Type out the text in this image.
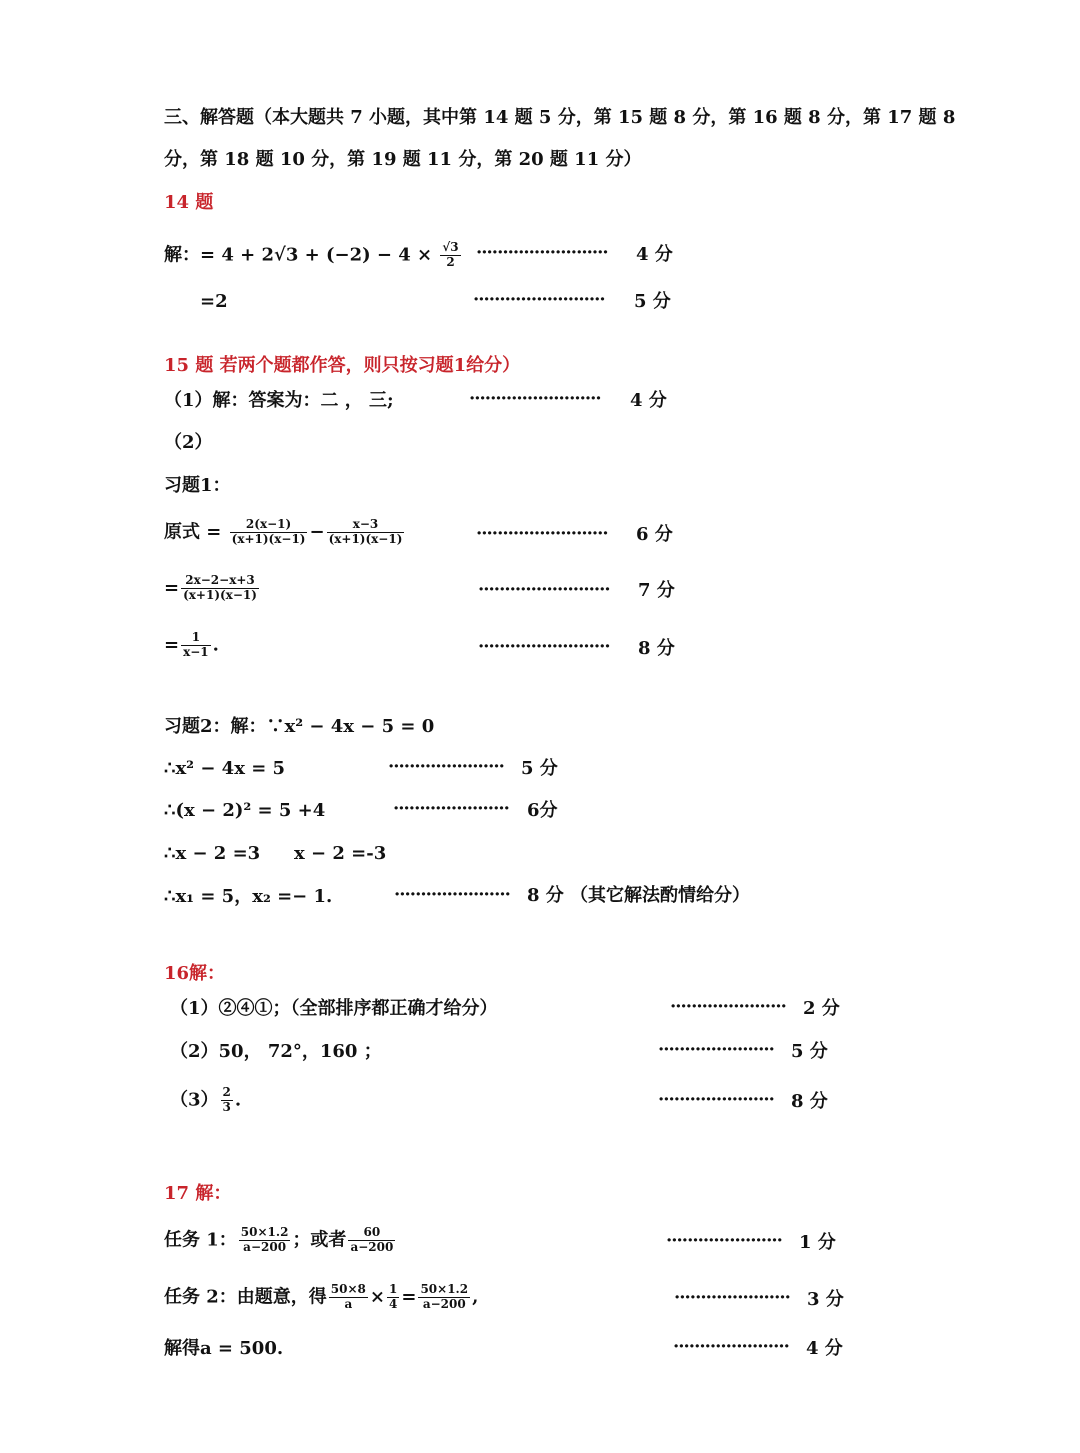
三、解答题（本大题共 7 小题，其中第 14 题 5 分，第 15 题 8 分，第 16 题 8 分，第 17 题 8
分，第 18 题 10 分，第 19 题 11 分，第 20 题 11 分）
14 题
解：= $4 + 2√3 + (-2) - 4 \times \frac{√3}{2}$ ························· 4 分
=2	························· 5 分
15 题 若两个题都作答，则只按习题1给分）
（1）解：答案为：二 ， 三;	························· 4 分
（2）
习题1：
原式 = $\frac{2(x-1)}{(x+1)(x-1)} - \frac{x-3}{(x+1)(x-1)}$	························· 6 分
= $\frac{2x-2-x+3}{(x+1)(x-1)}$	························· 7 分
= $\frac{1}{x-1}$ .	························· 8 分
习题2：解：∵x² − 4x − 5 = 0
∴x² − 4x = 5	······················ 5 分
∴(x − 2)² = 5 +4	······················ 6分
∴x − 2 =3 x − 2 =-3
∴x₁ = 5，x₂ =− 1.	······················ 8 分 （其它解法酌情给分）
16解：
（1）②④①；（全部排序都正确才给分）	······················ 2 分
（2）50， 72°，160 ；	······················ 5 分
$(3) \frac{2}{3}$ .	······················ 8 分
17 解：
任务 1： $\frac{50\times 1.2}{a-200}$ ；或者 $\frac{60}{a-200}$	······················ 1 分
任务 2：由题意，得 $\frac{50\times 8}{a} \times \frac{1}{4} = \frac{50\times 1.2}{a-200}$ ,	······················ 3 分
解得a = 500.	······················ 4 分
